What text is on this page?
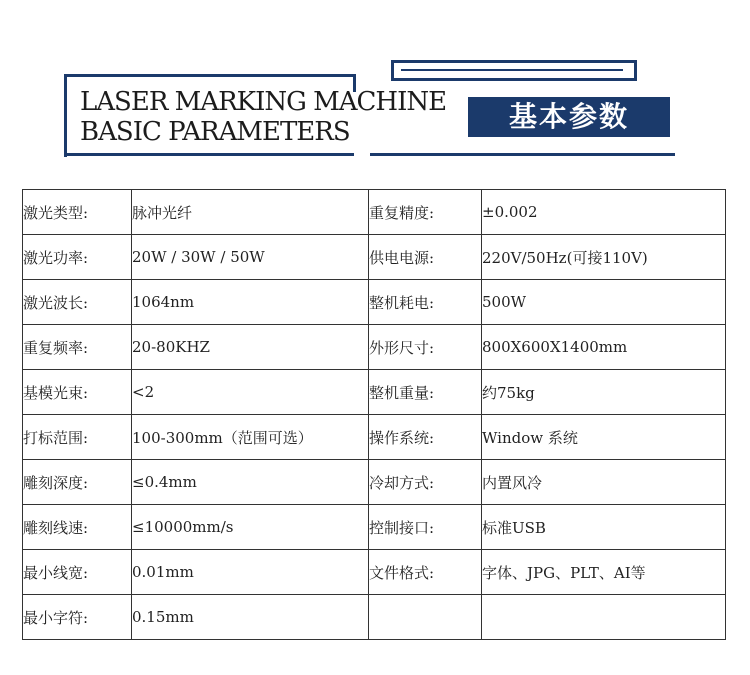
LASER MARKING MACHINE
BASIC PARAMETERS	基本参数
激光类型:	脉冲光纤	重复精度:	±0.002
激光功率:	20W / 30W / 50W	供电电源:	220V/50Hz(可接110V)
激光波长:	1064nm	整机耗电:	500W
重复频率:	20-80KHZ	外形尺寸:	800X600X1400mm
基模光束:	<2	整机重量:	约75kg
打标范围:	100-300mm（范围可选）	操作系统:	Window 系统
雕刻深度:	≤0.4mm	冷却方式:	内置风冷
雕刻线速:	≤10000mm/s	控制接口:	标准USB
最小线宽:	0.01mm	文件格式:	字体、JPG、PLT、AI等
最小字符:	0.15mm		
